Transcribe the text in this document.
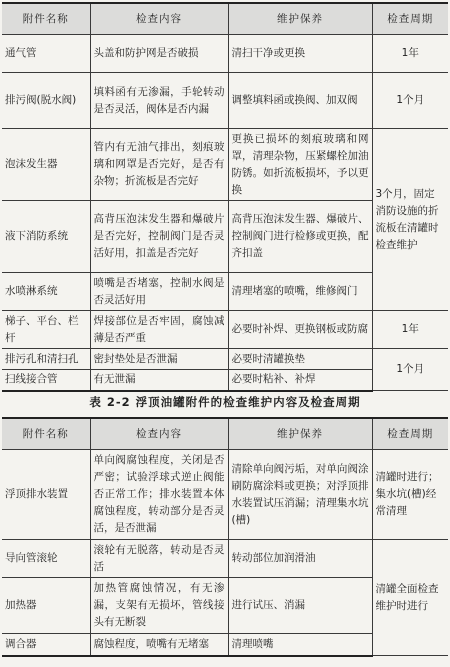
附件名称	检查内容	维护保养	检查周期
通气管	头盖和防护网是否破损	清扫干净或更换	1年
排污阀(脱水阀)	填料函有无渗漏，手轮转动是否灵活，阀体是否内漏	调整填料函或换阀、加双阀	1个月
泡沫发生器	管内有无油气排出，刻痕玻璃和网罩是否完好，是否有杂物；折流板是否完好	更换已损坏的刻痕玻璃和网罩，清理杂物，压紧螺栓加油防锈。如折流板损坏，予以更换	3个月，固定消防设施的折流板在清罐时检查维护
液下消防系统	高背压泡沫发生器和爆破片是否完好，控制阀门是否灵活好用，扣盖是否完好	高背压泡沫发生器、爆破片、控制阀门进行检修或更换，配齐扣盖	
水喷淋系统	喷嘴是否堵塞，控制水阀是否灵活好用	清理堵塞的喷嘴，维修阀门	
梯子、平台、栏杆	焊接部位是否牢固，腐蚀减薄是否严重	必要时补焊、更换钢板或防腐	1年
排污孔和清扫孔	密封垫处是否泄漏	必要时清罐换垫	1个月
扫线接合管	有无泄漏	必要时粘补、补焊	
表 2-2 浮顶油罐附件的检查维护内容及检查周期
附件名称	检查内容	维护保养	检查周期
浮顶排水装置	单向阀腐蚀程度，关闭是否严密；试验浮球式逆止阀能否正常工作；排水装置本体腐蚀程度，转动部分是否灵活，是否泄漏	清除单向阀污垢，对单向阀涂刷防腐涂料或更换；对浮顶排水装置试压消漏；清理集水坑(槽)	清罐时进行；集水坑(槽)经常清理
导向管滚轮	滚轮有无脱落，转动是否灵活	转动部位加润滑油	清罐全面检查维护时进行
加热器	加热管腐蚀情况，有无渗漏，支架有无损坏，管线接头有无断裂	进行试压、消漏	
调合器	腐蚀程度，喷嘴有无堵塞	清理喷嘴	
